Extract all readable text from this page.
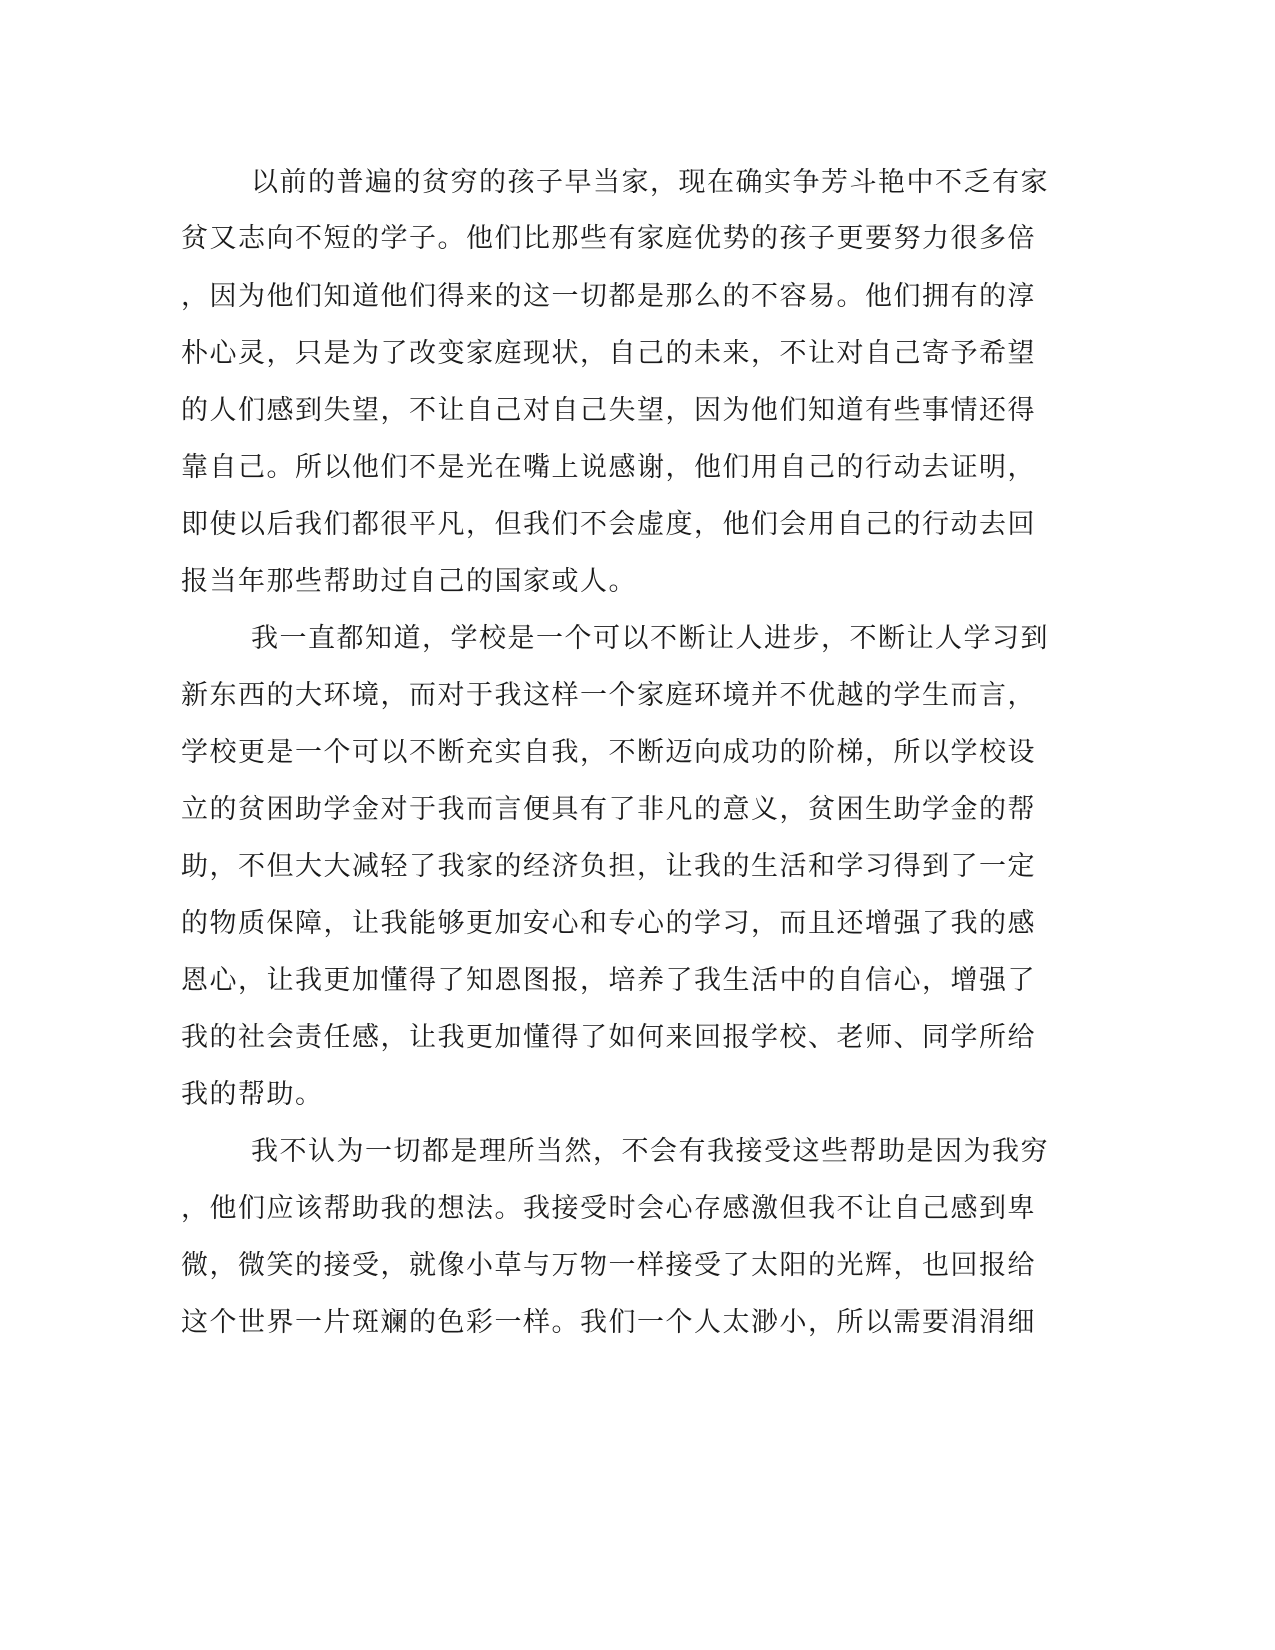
以前的普遍的贫穷的孩子早当家，现在确实争芳斗艳中不乏有家
贫又志向不短的学子。他们比那些有家庭优势的孩子更要努力很多倍
，因为他们知道他们得来的这一切都是那么的不容易。他们拥有的淳
朴心灵，只是为了改变家庭现状，自己的未来，不让对自己寄予希望
的人们感到失望，不让自己对自己失望，因为他们知道有些事情还得
靠自己。所以他们不是光在嘴上说感谢，他们用自己的行动去证明，
即使以后我们都很平凡，但我们不会虚度，他们会用自己的行动去回
报当年那些帮助过自己的国家或人。
我一直都知道，学校是一个可以不断让人进步，不断让人学习到
新东西的大环境，而对于我这样一个家庭环境并不优越的学生而言，
学校更是一个可以不断充实自我，不断迈向成功的阶梯，所以学校设
立的贫困助学金对于我而言便具有了非凡的意义，贫困生助学金的帮
助，不但大大减轻了我家的经济负担，让我的生活和学习得到了一定
的物质保障，让我能够更加安心和专心的学习，而且还增强了我的感
恩心，让我更加懂得了知恩图报，培养了我生活中的自信心，增强了
我的社会责任感，让我更加懂得了如何来回报学校、老师、同学所给
我的帮助。
我不认为一切都是理所当然，不会有我接受这些帮助是因为我穷
，他们应该帮助我的想法。我接受时会心存感激但我不让自己感到卑
微，微笑的接受，就像小草与万物一样接受了太阳的光辉，也回报给
这个世界一片斑斓的色彩一样。我们一个人太渺小，所以需要涓涓细
